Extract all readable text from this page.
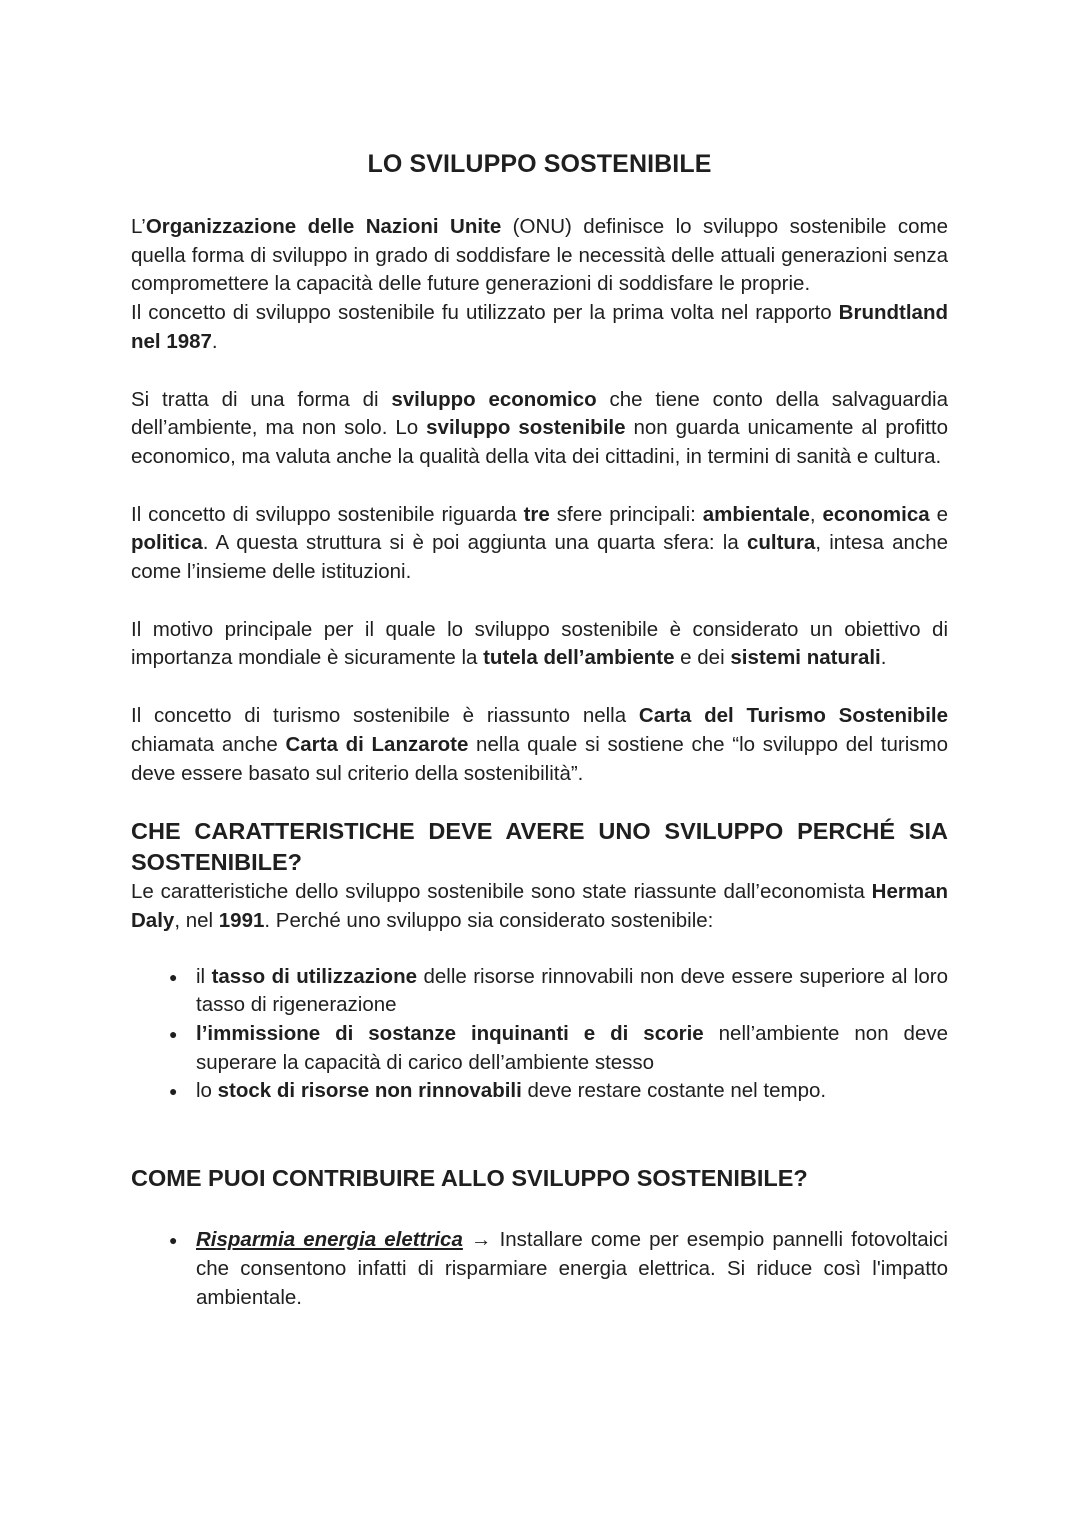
LO SVILUPPO SOSTENIBILE

L’Organizzazione delle Nazioni Unite (ONU) definisce lo sviluppo sostenibile come quella forma di sviluppo in grado di soddisfare le necessità delle attuali generazioni senza compromettere la capacità delle future generazioni di soddisfare le proprie.
Il concetto di sviluppo sostenibile fu utilizzato per la prima volta nel rapporto Brundtland nel 1987.

Si tratta di una forma di sviluppo economico che tiene conto della salvaguardia dell’ambiente, ma non solo. Lo sviluppo sostenibile non guarda unicamente al profitto economico, ma valuta anche la qualità della vita dei cittadini, in termini di sanità e cultura.

Il concetto di sviluppo sostenibile riguarda tre sfere principali: ambientale, economica e politica. A questa struttura si è poi aggiunta una quarta sfera: la cultura, intesa anche come l’insieme delle istituzioni.

Il motivo principale per il quale lo sviluppo sostenibile è considerato un obiettivo di importanza mondiale è sicuramente la tutela dell’ambiente e dei sistemi naturali.

Il concetto di turismo sostenibile è riassunto nella Carta del Turismo Sostenibile chiamata anche Carta di Lanzarote nella quale si sostiene che “lo sviluppo del turismo deve essere basato sul criterio della sostenibilità”.

CHE CARATTERISTICHE DEVE AVERE UNO SVILUPPO PERCHÉ SIA SOSTENIBILE?

Le caratteristiche dello sviluppo sostenibile sono state riassunte dall’economista Herman Daly, nel 1991. Perché uno sviluppo sia considerato sostenibile:

● il tasso di utilizzazione delle risorse rinnovabili non deve essere superiore al loro tasso di rigenerazione
● l’immissione di sostanze inquinanti e di scorie nell’ambiente non deve superare la capacità di carico dell’ambiente stesso
● lo stock di risorse non rinnovabili deve restare costante nel tempo.
COME PUOI CONTRIBUIRE ALLO SVILUPPO SOSTENIBILE?
● Risparmia energia elettrica → Installare come per esempio pannelli fotovoltaici che consentono infatti di risparmiare energia elettrica. Si riduce così l'impatto ambientale.
